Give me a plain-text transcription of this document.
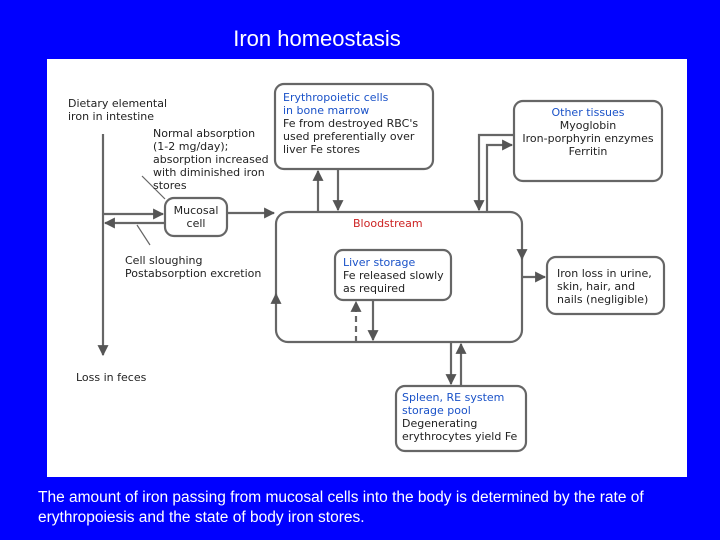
Iron homeostasis
Dietary elemental
iron in intestine
Normal absorption
(1-2 mg/day);
absorption increased
with diminished iron
stores
Mucosal
cell
Cell sloughing
Postabsorption excretion
Loss in feces
Erythropoietic cells
in bone marrow
Fe from destroyed RBC's
used preferentially over
liver Fe stores
Other tissues
Myoglobin
Iron-porphyrin enzymes
Ferritin
Bloodstream
Liver storage
Fe released slowly
as required
Iron loss in urine,
skin, hair, and
nails (negligible)
Spleen, RE system
storage pool
Degenerating
erythrocytes yield Fe
The amount of iron passing from mucosal cells into the body is determined by the rate of erythropoiesis and the state of body iron stores.
